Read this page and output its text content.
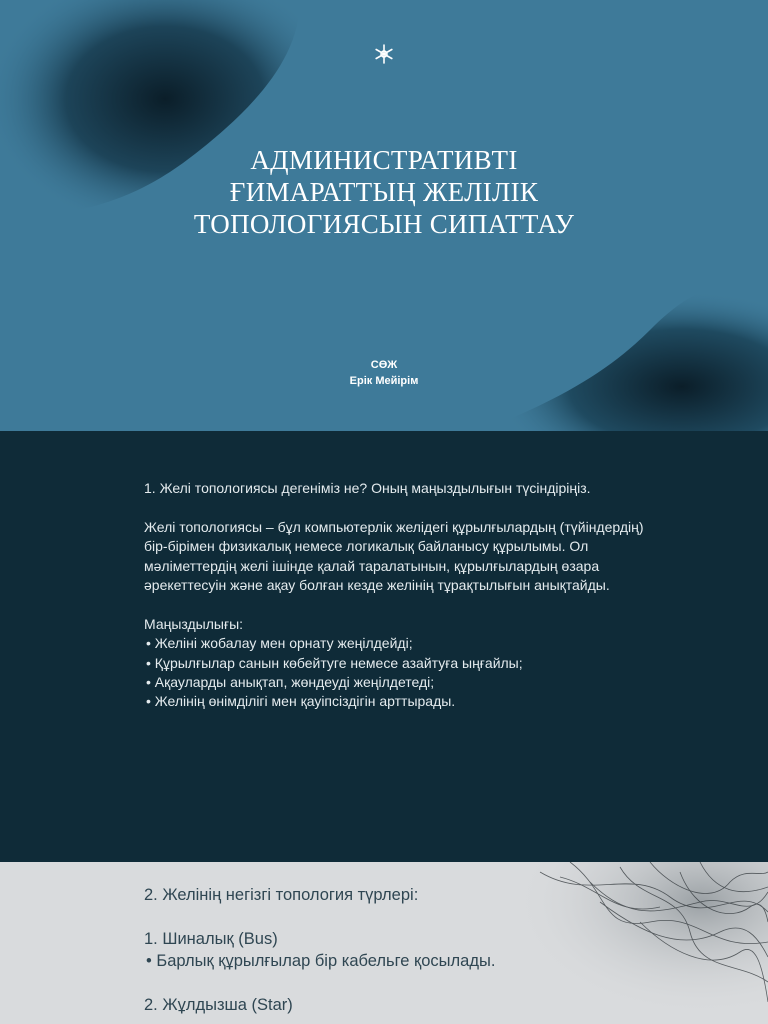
АДМИНИСТРАТИВТІ
ҒИМАРАТТЫҢ ЖЕЛІЛІК
ТОПОЛОГИЯСЫН СИПАТТАУ
СӨЖ
Ерік Мейірім

1. Желі топологиясы дегеніміз не? Оның маңыздылығын түсіндіріңіз.

Желі топологиясы – бұл компьютерлік желідегі құрылғылардың (түйіндердің) бір-бірімен физикалық немесе логикалық байланысу құрылымы. Ол мәліметтердің желі ішінде қалай таралатынын, құрылғылардың өзара әрекеттесуін және ақау болған кезде желінің тұрақтылығын анықтайды.

Маңыздылығы:
• Желіні жобалау мен орнату жеңілдейді;
• Құрылғылар санын көбейтуге немесе азайтуға ыңғайлы;
• Ақауларды анықтап, жөндеуді жеңілдетеді;
• Желінің өнімділігі мен қауіпсіздігін арттырады.

2. Желінің негізгі топология түрлері:

1. Шиналық (Bus)

• Барлық құрылғылар бір кабельге қосылады.

2. Жұлдызша (Star)
